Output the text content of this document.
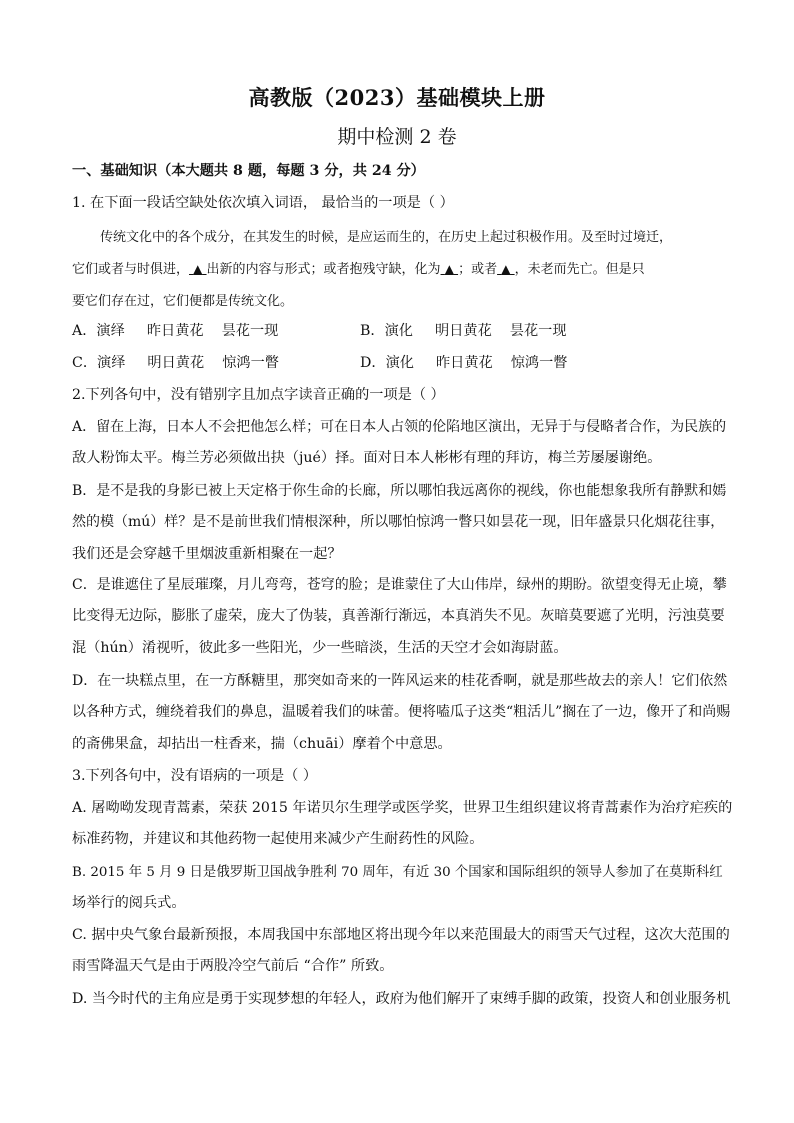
高教版（2023）基础模块上册
期中检测 2 卷
一、基础知识（本大题共 8 题，每题 3 分，共 24 分）
1. 在下面一段话空缺处依次填入词语， 最恰当的一项是（ ）
传统文化中的各个成分，在其发生的时候，是应运而生的，在历史上起过积极作用。及至时过境迁，
它们或者与时俱进， ▲ 出新的内容与形式；或者抱残守缺，化为 ▲ ；或者 ▲ ，未老而先亡。但是只
要它们存在过，它们便都是传统文化。
A．演绎 昨日黄花 昙花一现	B．演化 明日黄花 昙花一现
C．演绎 明日黄花 惊鸿一瞥	D．演化 昨日黄花 惊鸿一瞥
2.下列各句中，没有错别字且加点字读音正确的一项是（ ）
A．留在上海，日本人不会把他怎么样；可在日本人占领的伦陷地区演出，无异于与侵略者合作，为民族的
敌人粉饰太平。梅兰芳必须做出抉（jué）择。面对日本人彬彬有理的拜访，梅兰芳屡屡谢绝。
B．是不是我的身影已被上天定格于你生命的长廊，所以哪怕我远离你的视线，你也能想象我所有静默和嫣
然的模（mú）样？是不是前世我们情根深种，所以哪怕惊鸿一瞥只如昙花一现，旧年盛景只化烟花往事，
我们还是会穿越千里烟波重新相聚在一起？
C．是谁遮住了星辰璀璨，月儿弯弯，苍穹的脸；是谁蒙住了大山伟岸，绿州的期盼。欲望变得无止境，攀
比变得无边际，膨胀了虚荣，庞大了伪装，真善渐行渐远，本真消失不见。灰暗莫要遮了光明，污浊莫要
混（hún）淆视听，彼此多一些阳光，少一些暗淡，生活的天空才会如海尉蓝。
D．在一块糕点里，在一方酥糖里，那突如奇来的一阵风运来的桂花香啊，就是那些故去的亲人！它们依然
以各种方式，缠绕着我们的鼻息，温暖着我们的味蕾。便将嗑瓜子这类“粗活儿”搁在了一边，像开了和尚赐
的斋佛果盒，却拈出一柱香来，揣（chuāi）摩着个中意思。
3.下列各句中，没有语病的一项是（ ）
A. 屠呦呦发现青蒿素，荣获 2015 年诺贝尔生理学或医学奖，世界卫生组织建议将青蒿素作为治疗疟疾的
标准药物，并建议和其他药物一起使用来减少产生耐药性的风险。
B. 2015 年 5 月 9 日是俄罗斯卫国战争胜利 70 周年，有近 30 个国家和国际组织的领导人参加了在莫斯科红
场举行的阅兵式。
C. 据中央气象台最新预报，本周我国中东部地区将出现今年以来范围最大的雨雪天气过程，这次大范围的
雨雪降温天气是由于两股冷空气前后 “合作” 所致。
D. 当今时代的主角应是勇于实现梦想的年轻人，政府为他们解开了束缚手脚的政策，投资人和创业服务机
